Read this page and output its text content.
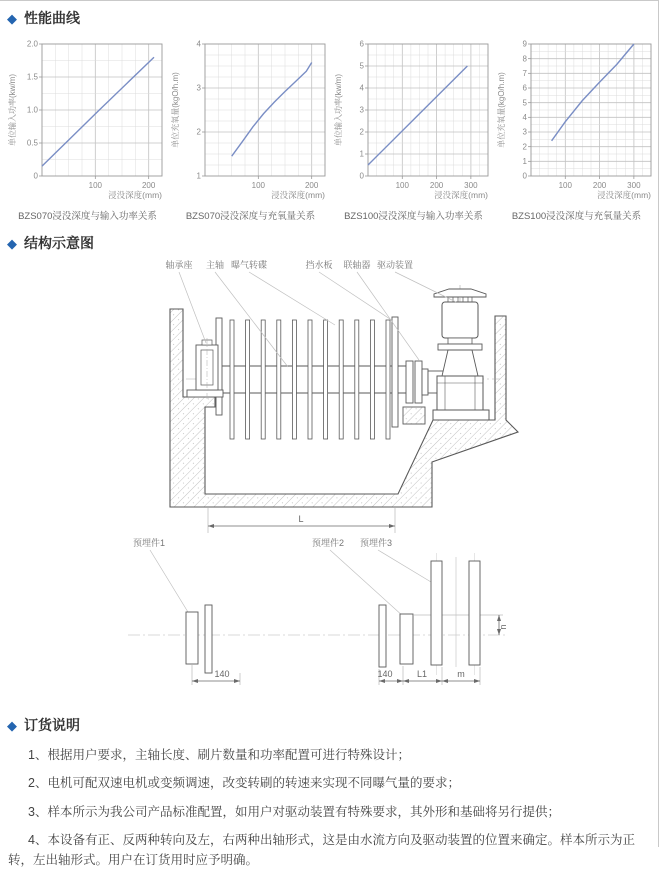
◆ 性能曲线
100	200
0
0.5
1.0
1.5
2.0
单位输入功率(kw/m)
浸没深度(mm)
BZS070浸没深度与输入功率关系
100	200
1
2
3
4
单位充氧量(kgO/h.m)
浸没深度(mm)
BZS070浸没深度与充氧量关系
100	200	300
0
1
2
3
4
5
6
单位输入功率(kw/m)
浸没深度(mm)
BZS100浸没深度与输入功率关系
100	200	300
0
1
2
3
4
5
6
7
8
9
单位充氧量(kgO/h.m)
浸没深度(mm)
BZS100浸没深度与充氧量关系
◆ 结构示意图
轴承座 主轴 曝气转碟	挡水板 联轴器 驱动装置
预埋件1	预埋件2 预埋件3
L
140	140	L1	m
n
◆ 订货说明

1、根据用户要求，主轴长度、刷片数量和功率配置可进行特殊设计；

2、电机可配双速电机或变频调速，改变转刷的转速来实现不同曝气量的要求；

3、样本所示为我公司产品标准配置，如用户对驱动装置有特殊要求，其外形和基础将另行提供；

4、本设备有正、反两种转向及左，右两种出轴形式，这是由水流方向及驱动装置的位置来确定。样本所示为正转，左出轴形式。用户在订货用时应予明确。
